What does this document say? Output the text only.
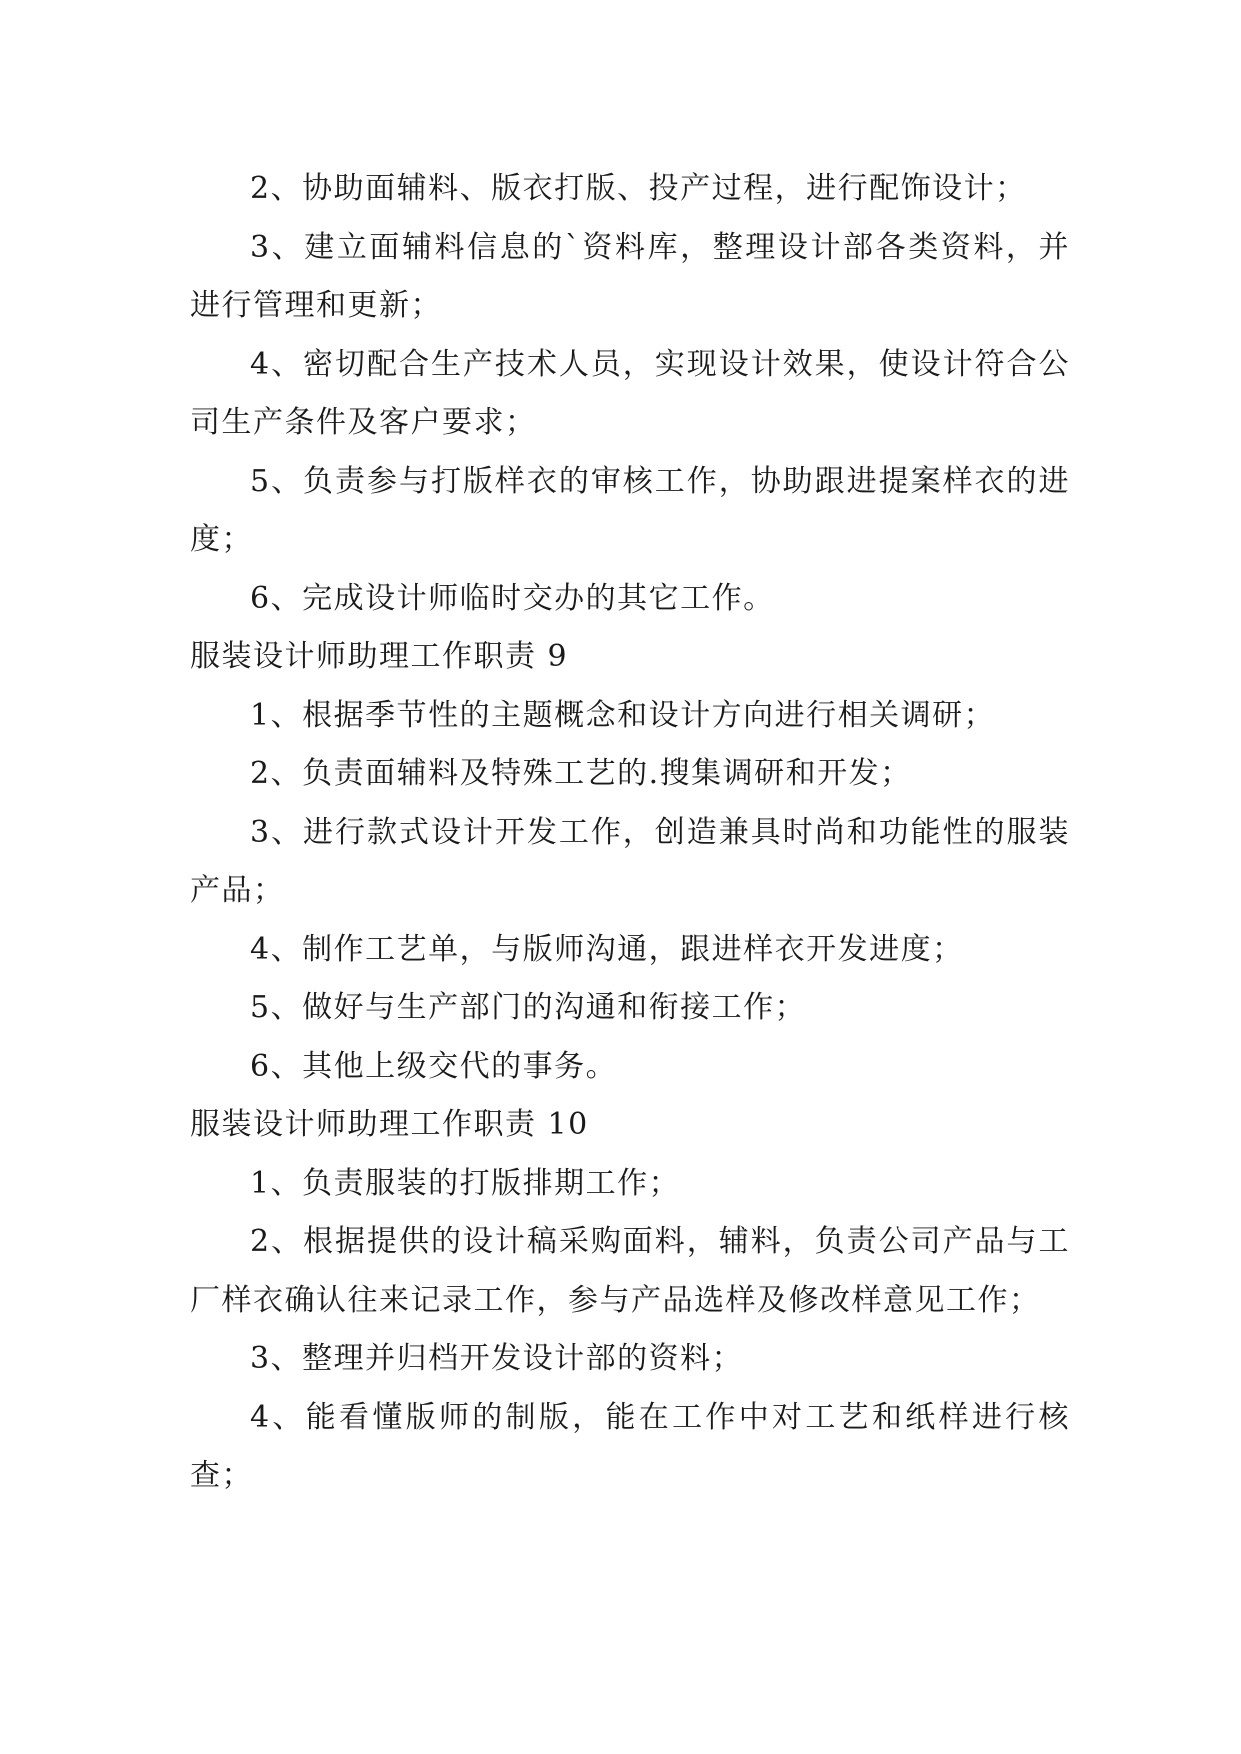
2、协助面辅料、版衣打版、投产过程，进行配饰设计；

3、建立面辅料信息的`资料库，整理设计部各类资料，并进行管理和更新；

4、密切配合生产技术人员，实现设计效果，使设计符合公司生产条件及客户要求；

5、负责参与打版样衣的审核工作，协助跟进提案样衣的进度；

6、完成设计师临时交办的其它工作。

服装设计师助理工作职责 9

1、根据季节性的主题概念和设计方向进行相关调研；

2、负责面辅料及特殊工艺的.搜集调研和开发；

3、进行款式设计开发工作，创造兼具时尚和功能性的服装产品；

4、制作工艺单，与版师沟通，跟进样衣开发进度；

5、做好与生产部门的沟通和衔接工作；

6、其他上级交代的事务。

服装设计师助理工作职责 10

1、负责服装的打版排期工作；

2、根据提供的设计稿采购面料，辅料，负责公司产品与工厂样衣确认往来记录工作，参与产品选样及修改样意见工作；

3、整理并归档开发设计部的资料；

4、能看懂版师的制版，能在工作中对工艺和纸样进行核查；
